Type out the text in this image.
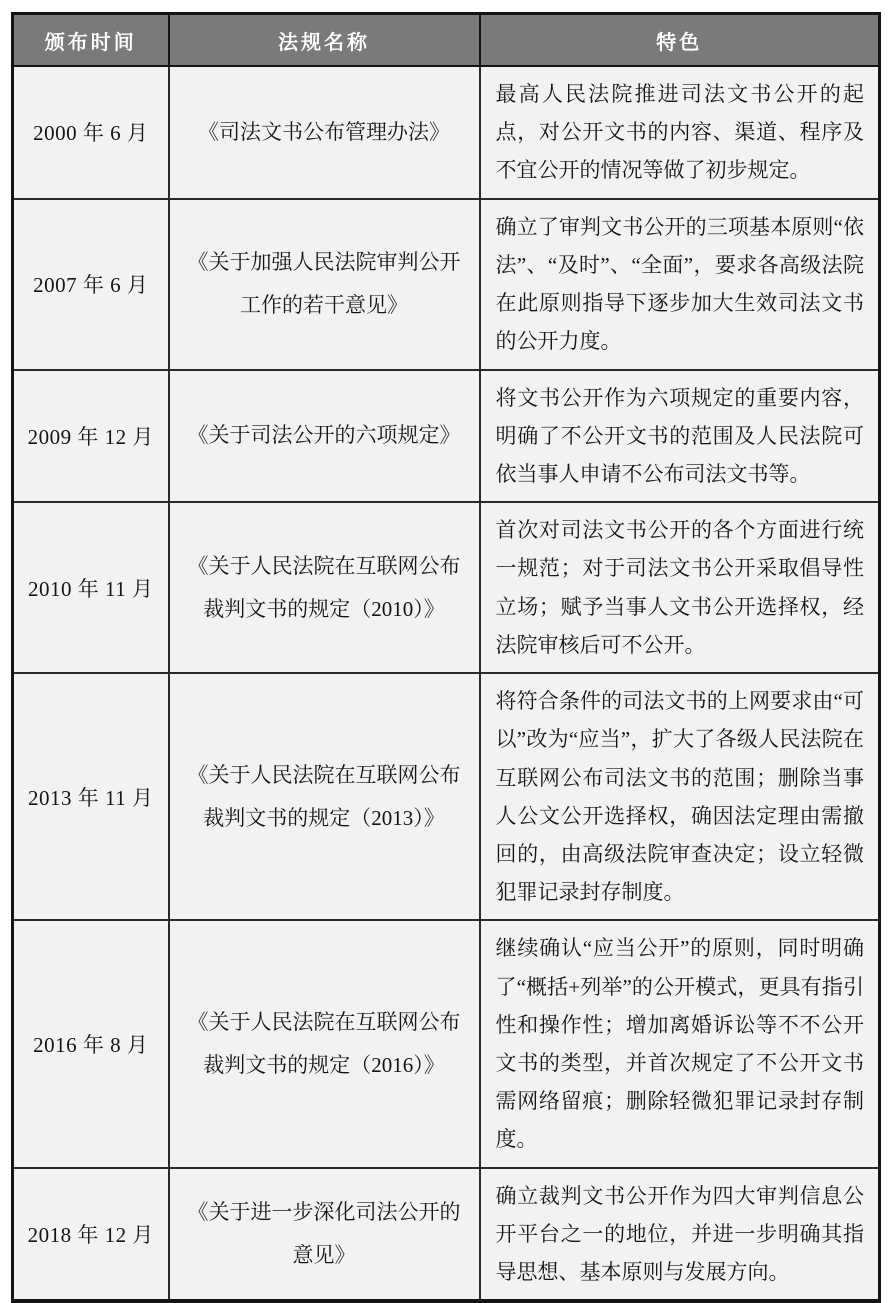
颁布时间	法规名称	特色
2000 年 6 月	《司法文书公布管理办法》	最高人民法院推进司法文书公开的起点，对公开文书的内容、渠道、程序及不宜公开的情况等做了初步规定。
2007 年 6 月	《关于加强人民法院审判公开工作的若干意见》	确立了审判文书公开的三项基本原则“依法”、“及时”、“全面”，要求各高级法院在此原则指导下逐步加大生效司法文书的公开力度。
2009 年 12 月	《关于司法公开的六项规定》	将文书公开作为六项规定的重要内容，明确了不公开文书的范围及人民法院可依当事人申请不公布司法文书等。
2010 年 11 月	《关于人民法院在互联网公布裁判文书的规定（2010）》	首次对司法文书公开的各个方面进行统一规范；对于司法文书公开采取倡导性立场；赋予当事人文书公开选择权，经法院审核后可不公开。
2013 年 11 月	《关于人民法院在互联网公布裁判文书的规定（2013）》	将符合条件的司法文书的上网要求由“可以”改为“应当”，扩大了各级人民法院在互联网公布司法文书的范围；删除当事人公文公开选择权，确因法定理由需撤回的，由高级法院审查决定；设立轻微犯罪记录封存制度。
2016 年 8 月	《关于人民法院在互联网公布裁判文书的规定（2016）》	继续确认“应当公开”的原则，同时明确了“概括+列举”的公开模式，更具有指引性和操作性；增加离婚诉讼等不不公开文书的类型，并首次规定了不公开文书需网络留痕；删除轻微犯罪记录封存制度。
2018 年 12 月	《关于进一步深化司法公开的意见》	确立裁判文书公开作为四大审判信息公开平台之一的地位，并进一步明确其指导思想、基本原则与发展方向。
